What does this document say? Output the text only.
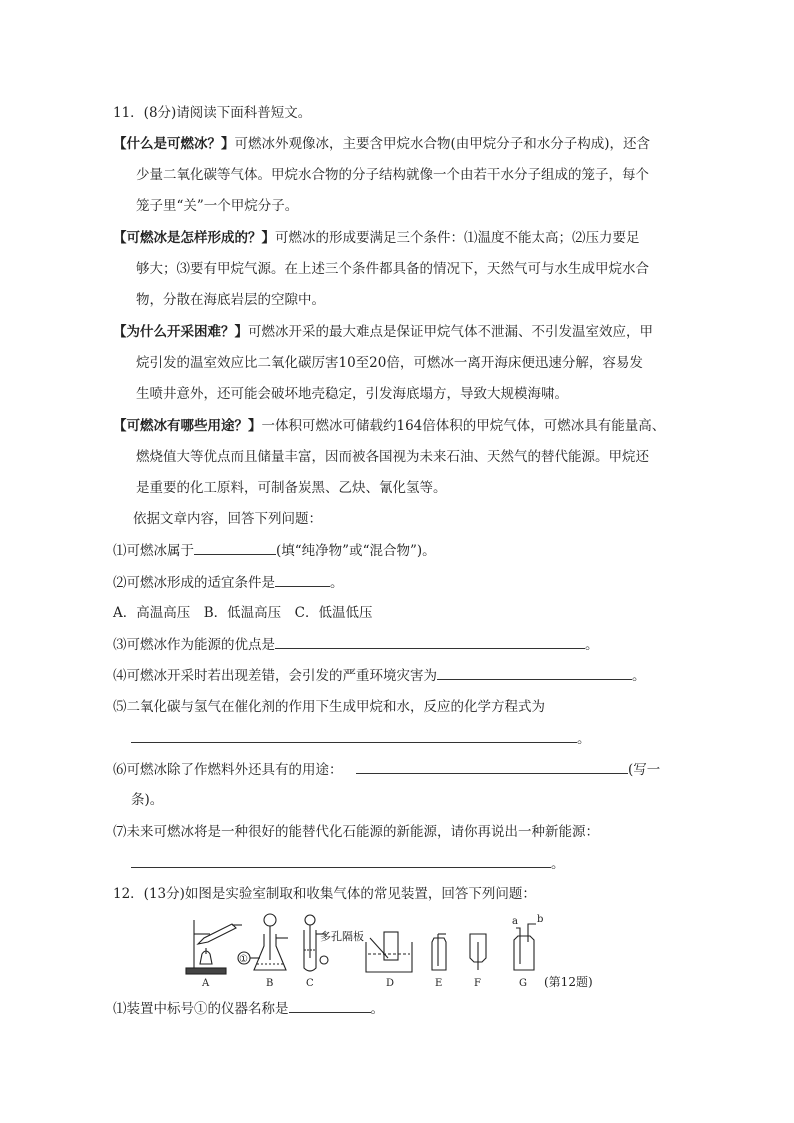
11．(8分)请阅读下面科普短文。
【什么是可燃冰？】可燃冰外观像冰，主要含甲烷水合物(由甲烷分子和水分子构成)，还含
少量二氧化碳等气体。甲烷水合物的分子结构就像一个由若干水分子组成的笼子，每个
笼子里“关”一个甲烷分子。
【可燃冰是怎样形成的？】可燃冰的形成要满足三个条件：⑴温度不能太高；⑵压力要足
够大；⑶要有甲烷气源。在上述三个条件都具备的情况下，天然气可与水生成甲烷水合
物，分散在海底岩层的空隙中。
【为什么开采困难？】可燃冰开采的最大难点是保证甲烷气体不泄漏、不引发温室效应，甲
烷引发的温室效应比二氧化碳厉害10至20倍，可燃冰一离开海床便迅速分解，容易发
生喷井意外，还可能会破坏地壳稳定，引发海底塌方，导致大规模海啸。
【可燃冰有哪些用途？】一体积可燃冰可储载约164倍体积的甲烷气体，可燃冰具有能量高、
燃烧值大等优点而且储量丰富，因而被各国视为未来石油、天然气的替代能源。甲烷还
是重要的化工原料，可制备炭黑、乙炔、氰化氢等。
依据文章内容，回答下列问题：
⑴可燃冰属于	(填“纯净物”或“混合物”)。
⑵可燃冰形成的适宜条件是	。
A．高温高压　B．低温高压　C．低温低压
⑶可燃冰作为能源的优点是	。
⑷可燃冰开采时若出现差错，会引发的严重环境灾害为	。
⑸二氧化碳与氢气在催化剂的作用下生成甲烷和水，反应的化学方程式为
。
⑹可燃冰除了作燃料外还具有的用途： 	(写一
条)。
⑺未来可燃冰将是一种很好的能替代化石能源的新能源，请你再说出一种新能源：
。
12．(13分)如图是实验室制取和收集气体的常见装置，回答下列问题：
多孔隔板
①
a b
A	B	C	D	E	F	G (第12题)
⑴装置中标号①的仪器名称是	。
